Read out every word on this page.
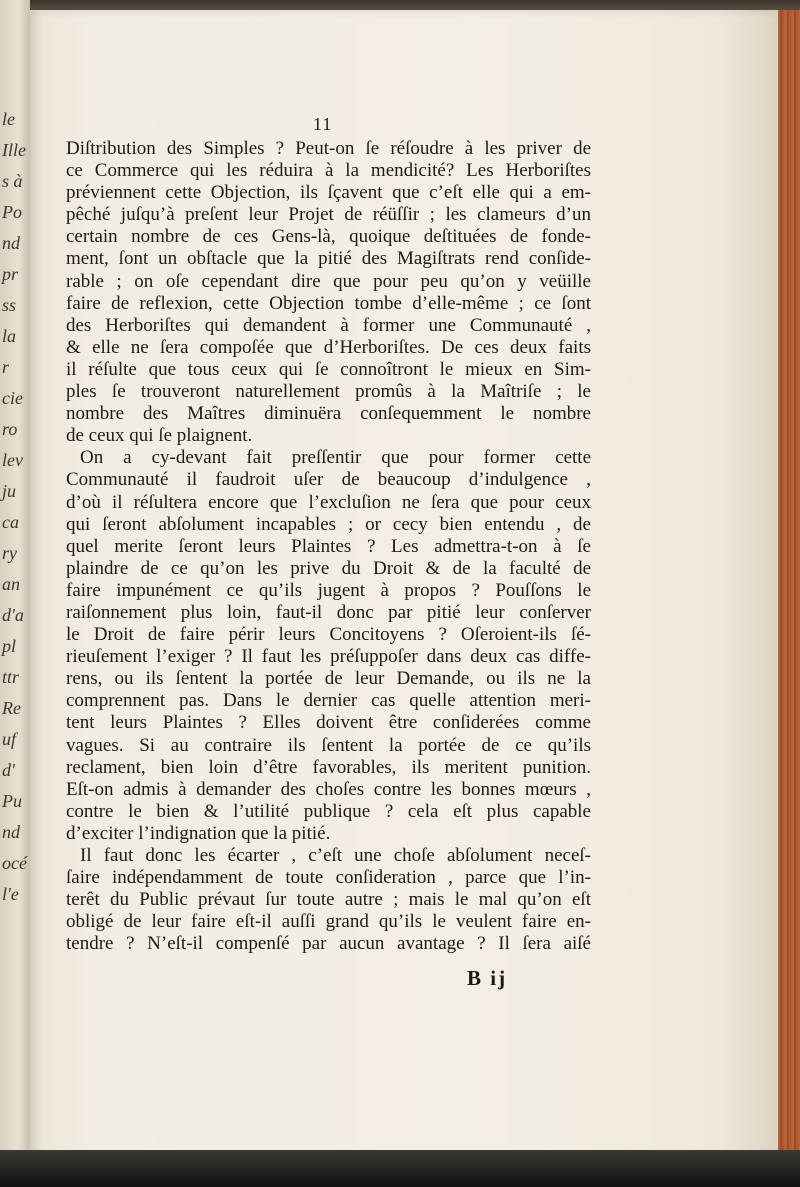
le
Ille
s à
Po
nd
pr
ss
la
r
cie
ro
lev
ju
ca
ry
an
d'a
pl
ttr
Re
uf
d'
Pu
nd
océ
l'e
11
Diſtribution des Simples ? Peut-on ſe réſoudre à les priver de
ce Commerce qui les réduira à la mendicité? Les Herboriſtes
préviennent cette Objection, ils ſçavent que c’eſt elle qui a em-
pêché juſqu’à preſent leur Projet de réüſſir ; les clameurs d’un
certain nombre de ces Gens-là, quoique deſtituées de fonde-
ment, ſont un obſtacle que la pitié des Magiſtrats rend conſide-
rable ; on oſe cependant dire que pour peu qu’on y veüille
faire de reflexion, cette Objection tombe d’elle-même ; ce ſont
des Herboriſtes qui demandent à former une Communauté ,
& elle ne ſera compoſée que d’Herboriſtes. De ces deux faits
il réſulte que tous ceux qui ſe connoîtront le mieux en Sim-
ples ſe trouveront naturellement promûs à la Maîtriſe ; le
nombre des Maîtres diminuëra conſequemment le nombre
de ceux qui ſe plaignent.
On a cy-devant fait preſſentir que pour former cette
Communauté il faudroit uſer de beaucoup d’indulgence ,
d’où il réſultera encore que l’excluſion ne ſera que pour ceux
qui ſeront abſolument incapables ; or cecy bien entendu , de
quel merite ſeront leurs Plaintes ? Les admettra-t-on à ſe
plaindre de ce qu’on les prive du Droit & de la faculté de
faire impunément ce qu’ils jugent à propos ? Pouſſons le
raiſonnement plus loin, faut-il donc par pitié leur conſerver
le Droit de faire périr leurs Concitoyens ? Oſeroient-ils ſé-
rieuſement l’exiger ? Il faut les préſuppoſer dans deux cas diffe-
rens, ou ils ſentent la portée de leur Demande, ou ils ne la
comprennent pas. Dans le dernier cas quelle attention meri-
tent leurs Plaintes ? Elles doivent être conſiderées comme
vagues. Si au contraire ils ſentent la portée de ce qu’ils
reclament, bien loin d’être favorables, ils meritent punition.
Eſt-on admis à demander des choſes contre les bonnes mœurs ,
contre le bien & l’utilité publique ? cela eſt plus capable
d’exciter l’indignation que la pitié.
Il faut donc les écarter , c’eſt une choſe abſolument neceſ-
ſaire indépendamment de toute conſideration , parce que l’in-
terêt du Public prévaut ſur toute autre ; mais le mal qu’on eſt
obligé de leur faire eſt-il auſſi grand qu’ils le veulent faire en-
tendre ? N’eſt-il compenſé par aucun avantage ? Il ſera aiſé
B ij
